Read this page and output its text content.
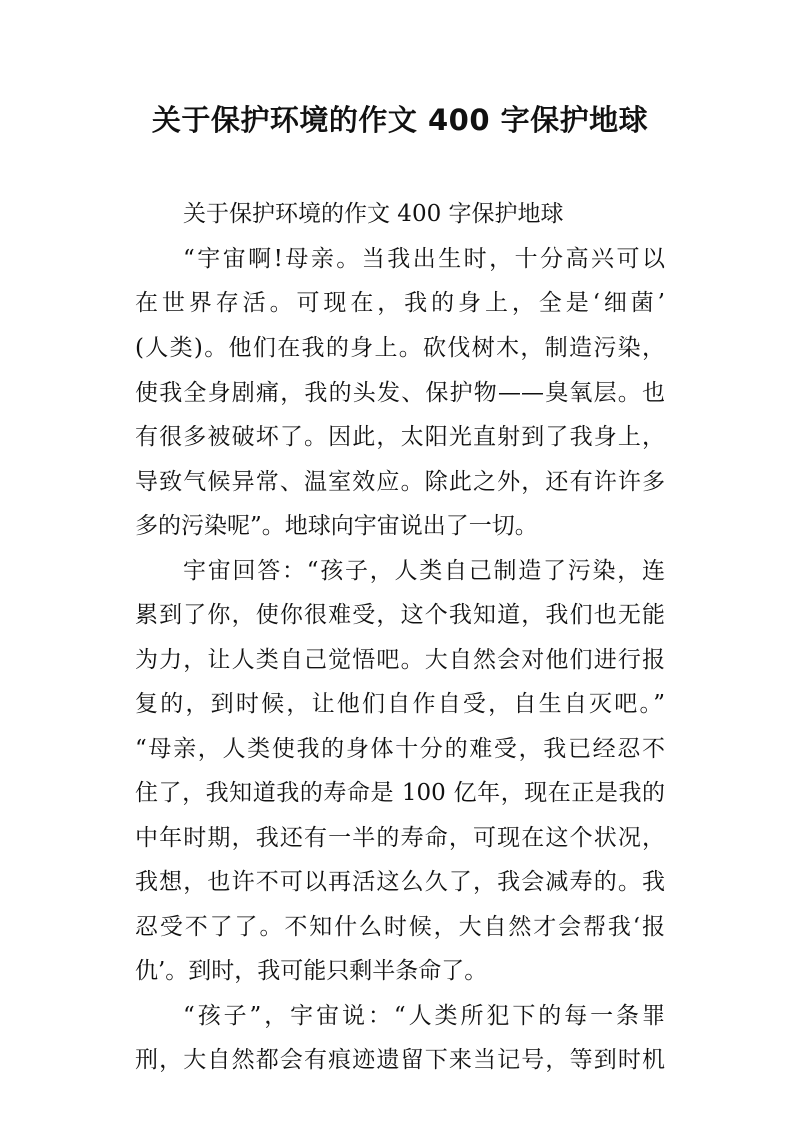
关于保护环境的作文 400 字保护地球
关于保护环境的作文 400 字保护地球
“宇宙啊!母亲。当我出生时，十分高兴可以
在世界存活。可现在，我的身上，全是‘细菌’
(人类)。他们在我的身上。砍伐树木，制造污染，
使我全身剧痛，我的头发、保护物——臭氧层。也
有很多被破坏了。因此，太阳光直射到了我身上，
导致气候异常、温室效应。除此之外，还有许许多
多的污染呢”。地球向宇宙说出了一切。
宇宙回答：“孩子，人类自己制造了污染，连
累到了你，使你很难受，这个我知道，我们也无能
为力，让人类自己觉悟吧。大自然会对他们进行报
复的，到时候，让他们自作自受，自生自灭吧。”
“母亲，人类使我的身体十分的难受，我已经忍不
住了，我知道我的寿命是 100 亿年，现在正是我的
中年时期，我还有一半的寿命，可现在这个状况，
我想，也许不可以再活这么久了，我会减寿的。我
忍受不了了。不知什么时候，大自然才会帮我‘报
仇’。到时，我可能只剩半条命了。
“孩子”，宇宙说：“人类所犯下的每一条罪
刑，大自然都会有痕迹遗留下来当记号，等到时机
